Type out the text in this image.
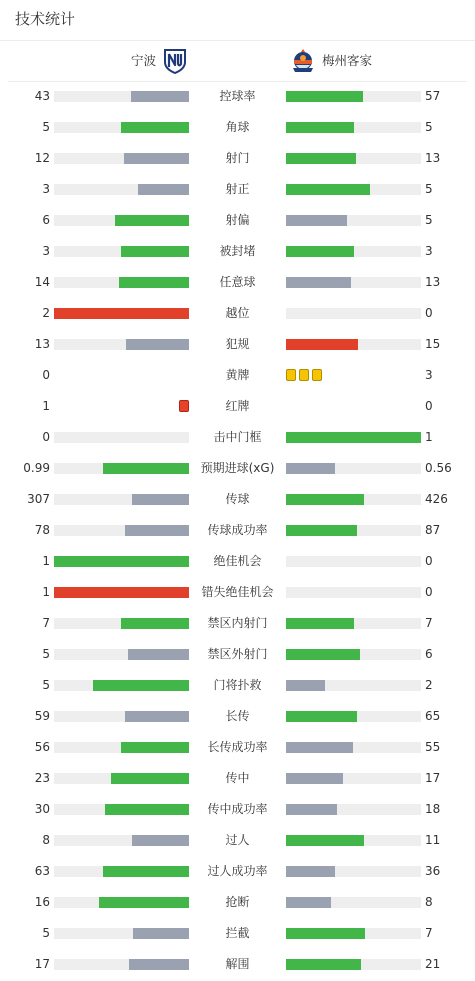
技术统计
宁波	梅州客家
43	控球率	57
5	角球	5
12	射门	13
3	射正	5
6	射偏	5
3	被封堵	3
14	任意球	13
2	越位	0
13	犯规	15
0	黄牌	3
1	红牌	0
0	击中门框	1
0.99	预期进球(xG)	0.56
307	传球	426
78	传球成功率	87
1	绝佳机会	0
1	错失绝佳机会	0
7	禁区内射门	7
5	禁区外射门	6
5	门将扑救	2
59	长传	65
56	长传成功率	55
23	传中	17
30	传中成功率	18
8	过人	11
63	过人成功率	36
16	抢断	8
5	拦截	7
17	解围	21
